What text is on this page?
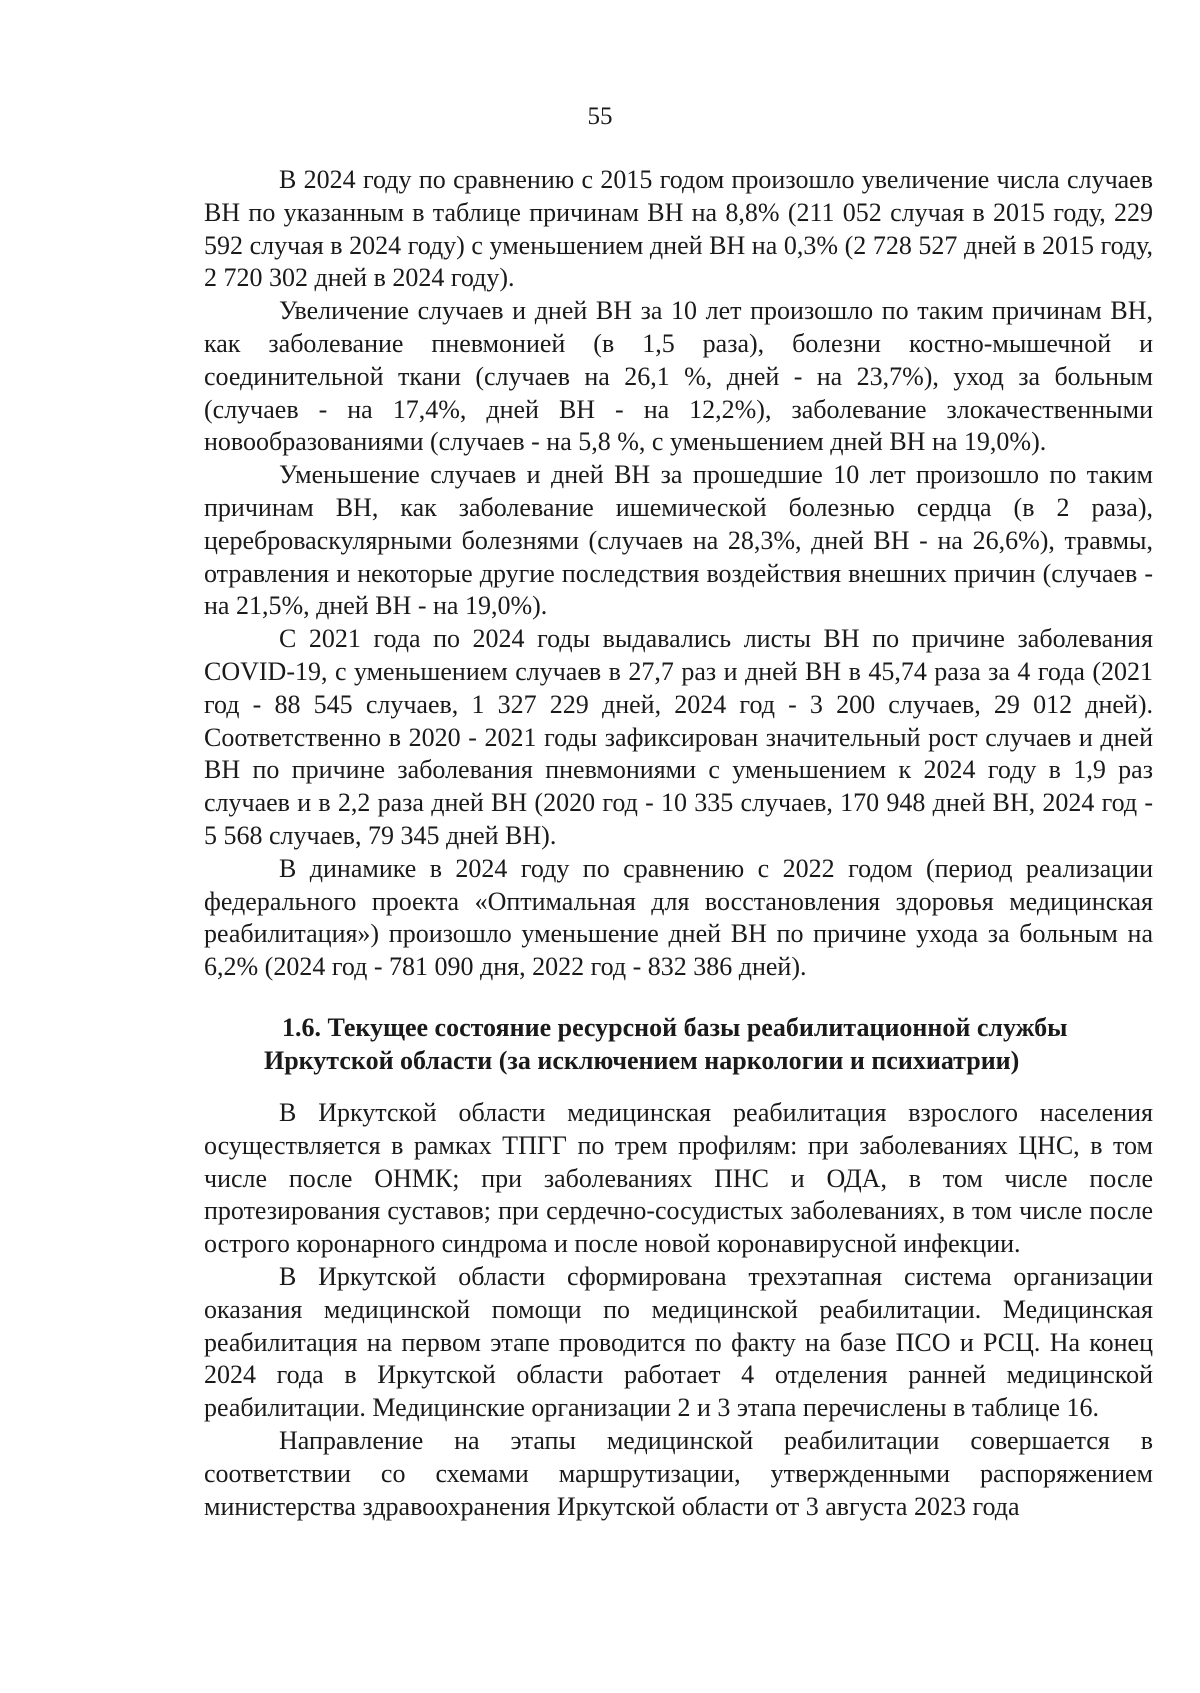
55

В 2024 году по сравнению с 2015 годом произошло увеличение числа случаев ВН по указанным в таблице причинам ВН на 8,8% (211 052 случая в 2015 году, 229 592 случая в 2024 году) с уменьшением дней ВН на 0,3% (2 728 527 дней в 2015 году, 2 720 302 дней в 2024 году).

Увеличение случаев и дней ВН за 10 лет произошло по таким причинам ВН, как заболевание пневмонией (в 1,5 раза), болезни костно-мышечной и соединительной ткани (случаев на 26,1 %, дней - на 23,7%), уход за больным (случаев - на 17,4%, дней ВН - на 12,2%), заболевание злокачественными новообразованиями (случаев - на 5,8 %, с уменьшением дней ВН на 19,0%).

Уменьшение случаев и дней ВН за прошедшие 10 лет произошло по таким причинам ВН, как заболевание ишемической болезнью сердца (в 2 раза), цереброваскулярными болезнями (случаев на 28,3%, дней ВН - на 26,6%), травмы, отравления и некоторые другие последствия воздействия внешних причин (случаев - на 21,5%, дней ВН - на 19,0%).

С 2021 года по 2024 годы выдавались листы ВН по причине заболевания COVID-19, с уменьшением случаев в 27,7 раз и дней ВН в 45,74 раза за 4 года (2021 год - 88 545 случаев, 1 327 229 дней, 2024 год - 3 200 случаев, 29 012 дней). Соответственно в 2020 - 2021 годы зафиксирован значительный рост случаев и дней ВН по причине заболевания пневмониями с уменьшением к 2024 году в 1,9 раз случаев и в 2,2 раза дней ВН (2020 год - 10 335 случаев, 170 948 дней ВН, 2024 год - 5 568 случаев, 79 345 дней ВН).

В динамике в 2024 году по сравнению с 2022 годом (период реализации федерального проекта «Оптимальная для восстановления здоровья медицинская реабилитация») произошло уменьшение дней ВН по причине ухода за больным на 6,2% (2024 год - 781 090 дня, 2022 год - 832 386 дней).

1.6. Текущее состояние ресурсной базы реабилитационной службы
Иркутской области (за исключением наркологии и психиатрии)

В Иркутской области медицинская реабилитация взрослого населения осуществляется в рамках ТПГГ по трем профилям: при заболеваниях ЦНС, в том числе после ОНМК; при заболеваниях ПНС и ОДА, в том числе после протезирования суставов; при сердечно-сосудистых заболеваниях, в том числе после острого коронарного синдрома и после новой коронавирусной инфекции.

В Иркутской области сформирована трехэтапная система организации оказания медицинской помощи по медицинской реабилитации. Медицинская реабилитация на первом этапе проводится по факту на базе ПСО и РСЦ. На конец 2024 года в Иркутской области работает 4 отделения ранней медицинской реабилитации. Медицинские организации 2 и 3 этапа перечислены в таблице 16.

Направление на этапы медицинской реабилитации совершается в соответствии со схемами маршрутизации, утвержденными распоряжением министерства здравоохранения Иркутской области от 3 августа 2023 года
